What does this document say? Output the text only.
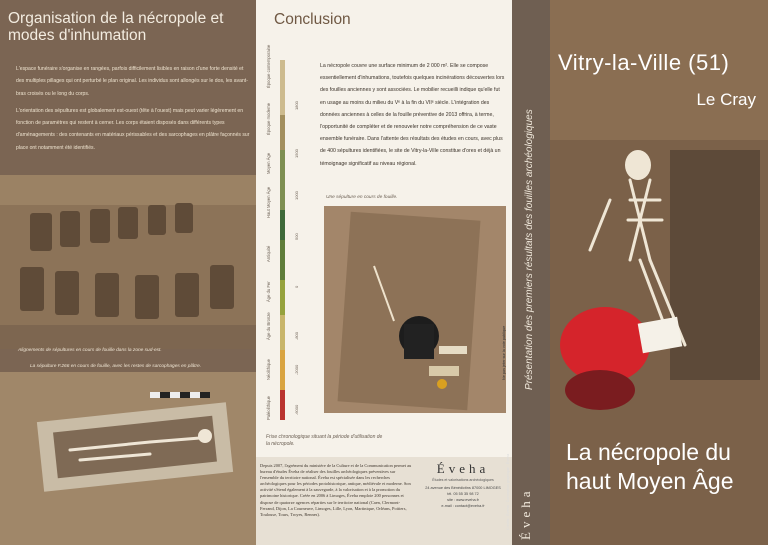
Organisation de la nécropole et
modes d'inhumation

L'espace funéraire s'organise en rangées, parfois difficilement lisibles en raison d'une forte densité et des multiples pillages qui ont perturbé le plan original. Les individus sont allongés sur le dos, les avant-bras croisés ou le long du corps.

L'orientation des sépultures est globalement est-ouest (tête à l'ouest) mais peut varier légèrement en fonction de paramètres qui restent à cerner. Les corps étaient disposés dans différents types d'aménagements : des contenants en matériaux périssables et des sarcophages en plâtre façonnés sur place ont notamment été identifiés.

Alignements de sépultures en cours de fouille dans la zone sud-est.
La sépulture F.266 en cours de fouille, avec les restes de sarcophages en plâtre.
Conclusion
Paléolithique
Néolithique
Âge du Bronze
Âge du Fer
Antiquité
Haut Moyen Âge
Moyen Âge
Époque moderne
Époque contemporaine
-6000
-2000
-800
0
500
1000
1500
1800
La nécropole couvre une surface minimum de 2 000 m². Elle se compose essentiellement d'inhumations, toutefois quelques incinérations découvertes lors des fouilles anciennes y sont associées. Le mobilier recueilli indique qu'elle fut en usage au moins du milieu du Vᵉ à la fin du VIIᵉ siècle. L'intégration des données anciennes à celles de la fouille préventive de 2013 offrira, à terme, l'opportunité de compléter et de renouveler notre compréhension de ce vaste ensemble funéraire. Dans l'attente des résultats des études en cours, avec plus de 400 sépultures identifiées, le site de Vitry-la-Ville constitue d'ores et déjà un témoignage significatif au niveau régional.
Une sépulture en cours de fouille.
Frise chronologique situant la période d'utilisation de la nécropole.
Depuis 2007, l'agrément du ministère de la Culture et de la Communication permet au bureau d'études Éveha de réaliser des fouilles archéologiques préventives sur l'ensemble du territoire national. Éveha est spécialisée dans les recherches archéologiques pour les périodes protohistorique, antique, médiévale et moderne. Son activité s'étend également à la sauvegarde, à la valorisation et à la promotion du patrimoine historique. Créée en 2006 à Limoges, Éveha emploie 200 personnes et dispose de quatorze agences réparties sur le territoire national (Caen, Clermont-Ferrand, Dijon, La Courneuve, Limoges, Lille, Lyon, Martinique, Orléans, Poitiers, Toulouse, Tours, Troyes, Rennes).
Éveha
Études et valorisations archéologiques
24 avenue des Bénédictins 87000 LIMOGES
tél. 05 55 35 98 72
site : www.eveha.fr
e-mail : contact@eveha.fr
Ne pas jeter sur la voie publique Présentation des premiers résultats des fouilles archéologiques
Éveha
Crédits : Éveha · Conception graphique : Éveha
Vitry-la-Ville (51)
Le Cray
La nécropole du
haut Moyen Âge
